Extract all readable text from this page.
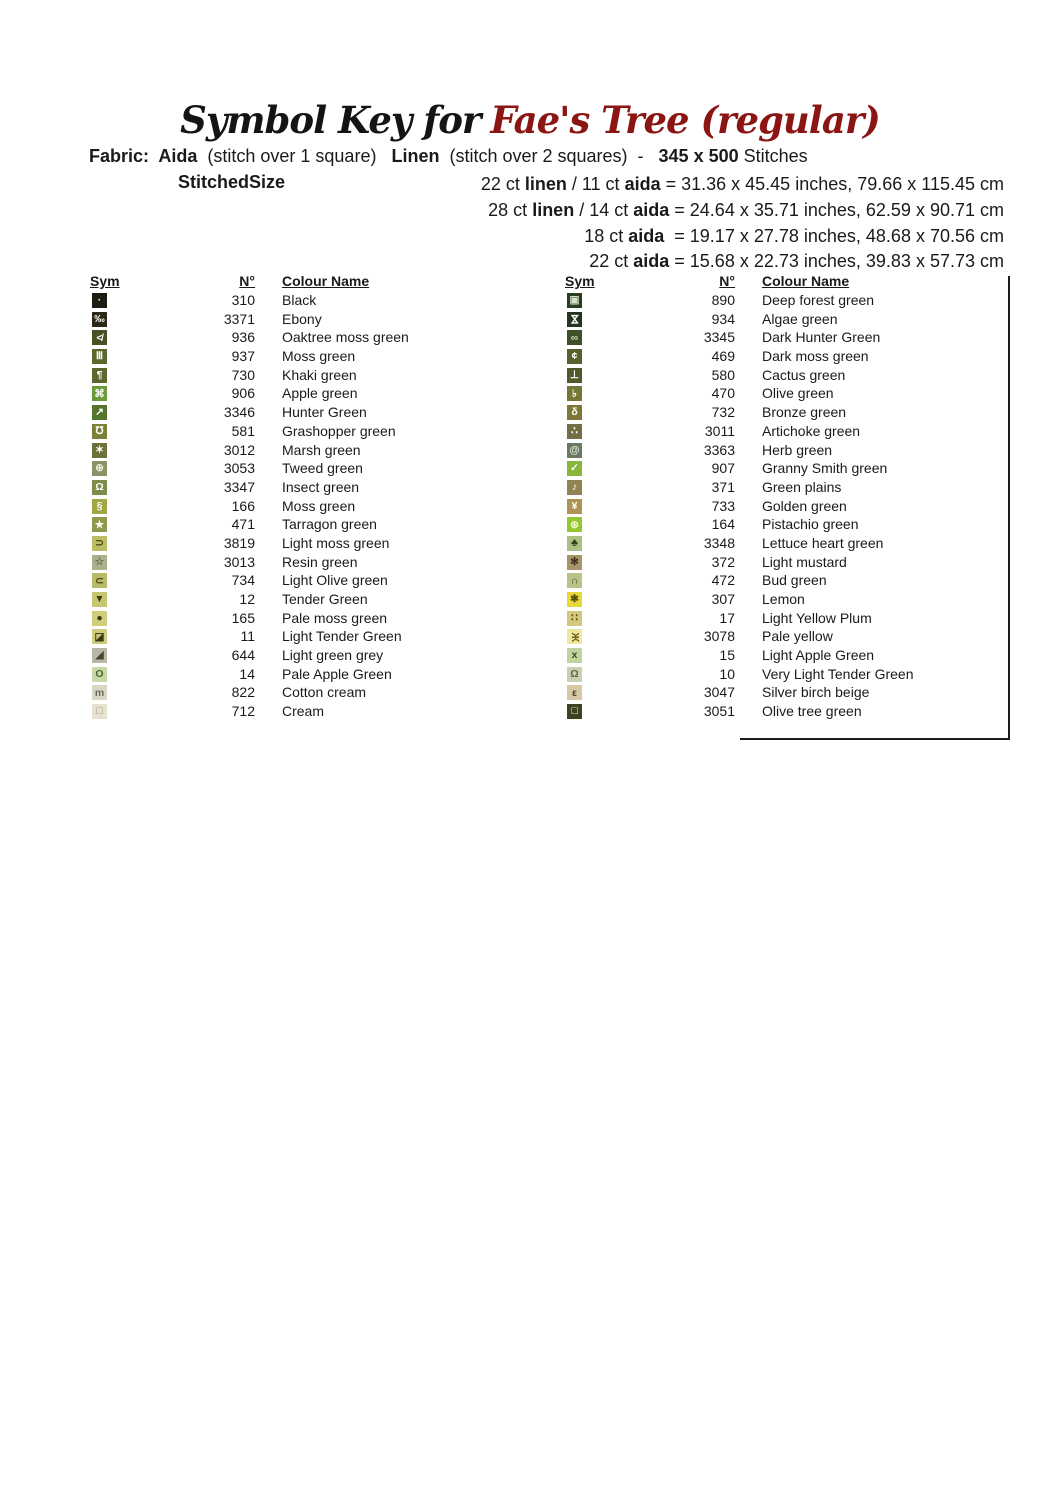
Symbol Key for Fae's Tree (regular)
Fabric:  Aida  (stitch over 1 square)   Linen  (stitch over 2 squares)  -   345 x 500 Stitches
StitchedSize	22 ct linen / 11 ct aida = 31.36 x 45.45 inches, 79.66 x 115.45 cm
28 ct linen / 14 ct aida = 24.64 x 35.71 inches, 62.59 x 90.71 cm
18 ct aida  = 19.17 x 27.78 inches, 48.68 x 70.56 cm
22 ct aida = 15.68 x 22.73 inches, 39.83 x 57.73 cm
Sym	N° Colour Name
·	310 Black
‰	3371 Ebony
≮	936 Oaktree moss green
Ⅲ	937 Moss green
¶	730 Khaki green
⌘	906 Apple green
↗	3346 Hunter Green
℧	581 Grashopper green
✶	3012 Marsh green
⊕	3053 Tweed green
Ω	3347 Insect green
§	166 Moss green
★	471 Tarragon green
⊃	3819 Light moss green
☆	3013 Resin green
⊂	734 Light Olive green
▼	12 Tender Green
●	165 Pale moss green
◪	11 Light Tender Green
◢	644 Light green grey
O	14 Pale Apple Green
m	822 Cotton cream
□	712 Cream
Sym	N° Colour Name
▣	890 Deep forest green
⋈	934 Algae green
∞	3345 Dark Hunter Green
¢	469 Dark moss green
⊥	580 Cactus green
♭	470 Olive green
δ	732 Bronze green
∴	3011 Artichoke green
@	3363 Herb green
✓	907 Granny Smith green
♪	371 Green plains
¥	733 Golden green
⊛	164 Pistachio green
♣	3348 Lettuce heart green
✻	372 Light mustard
∩	472 Bud green
✱	307 Lemon
∷	17 Light Yellow Plum
Ж	3078 Pale yellow
x	15 Light Apple Green
Ω	10 Very Light Tender Green
ε	3047 Silver birch beige
□	3051 Olive tree green
